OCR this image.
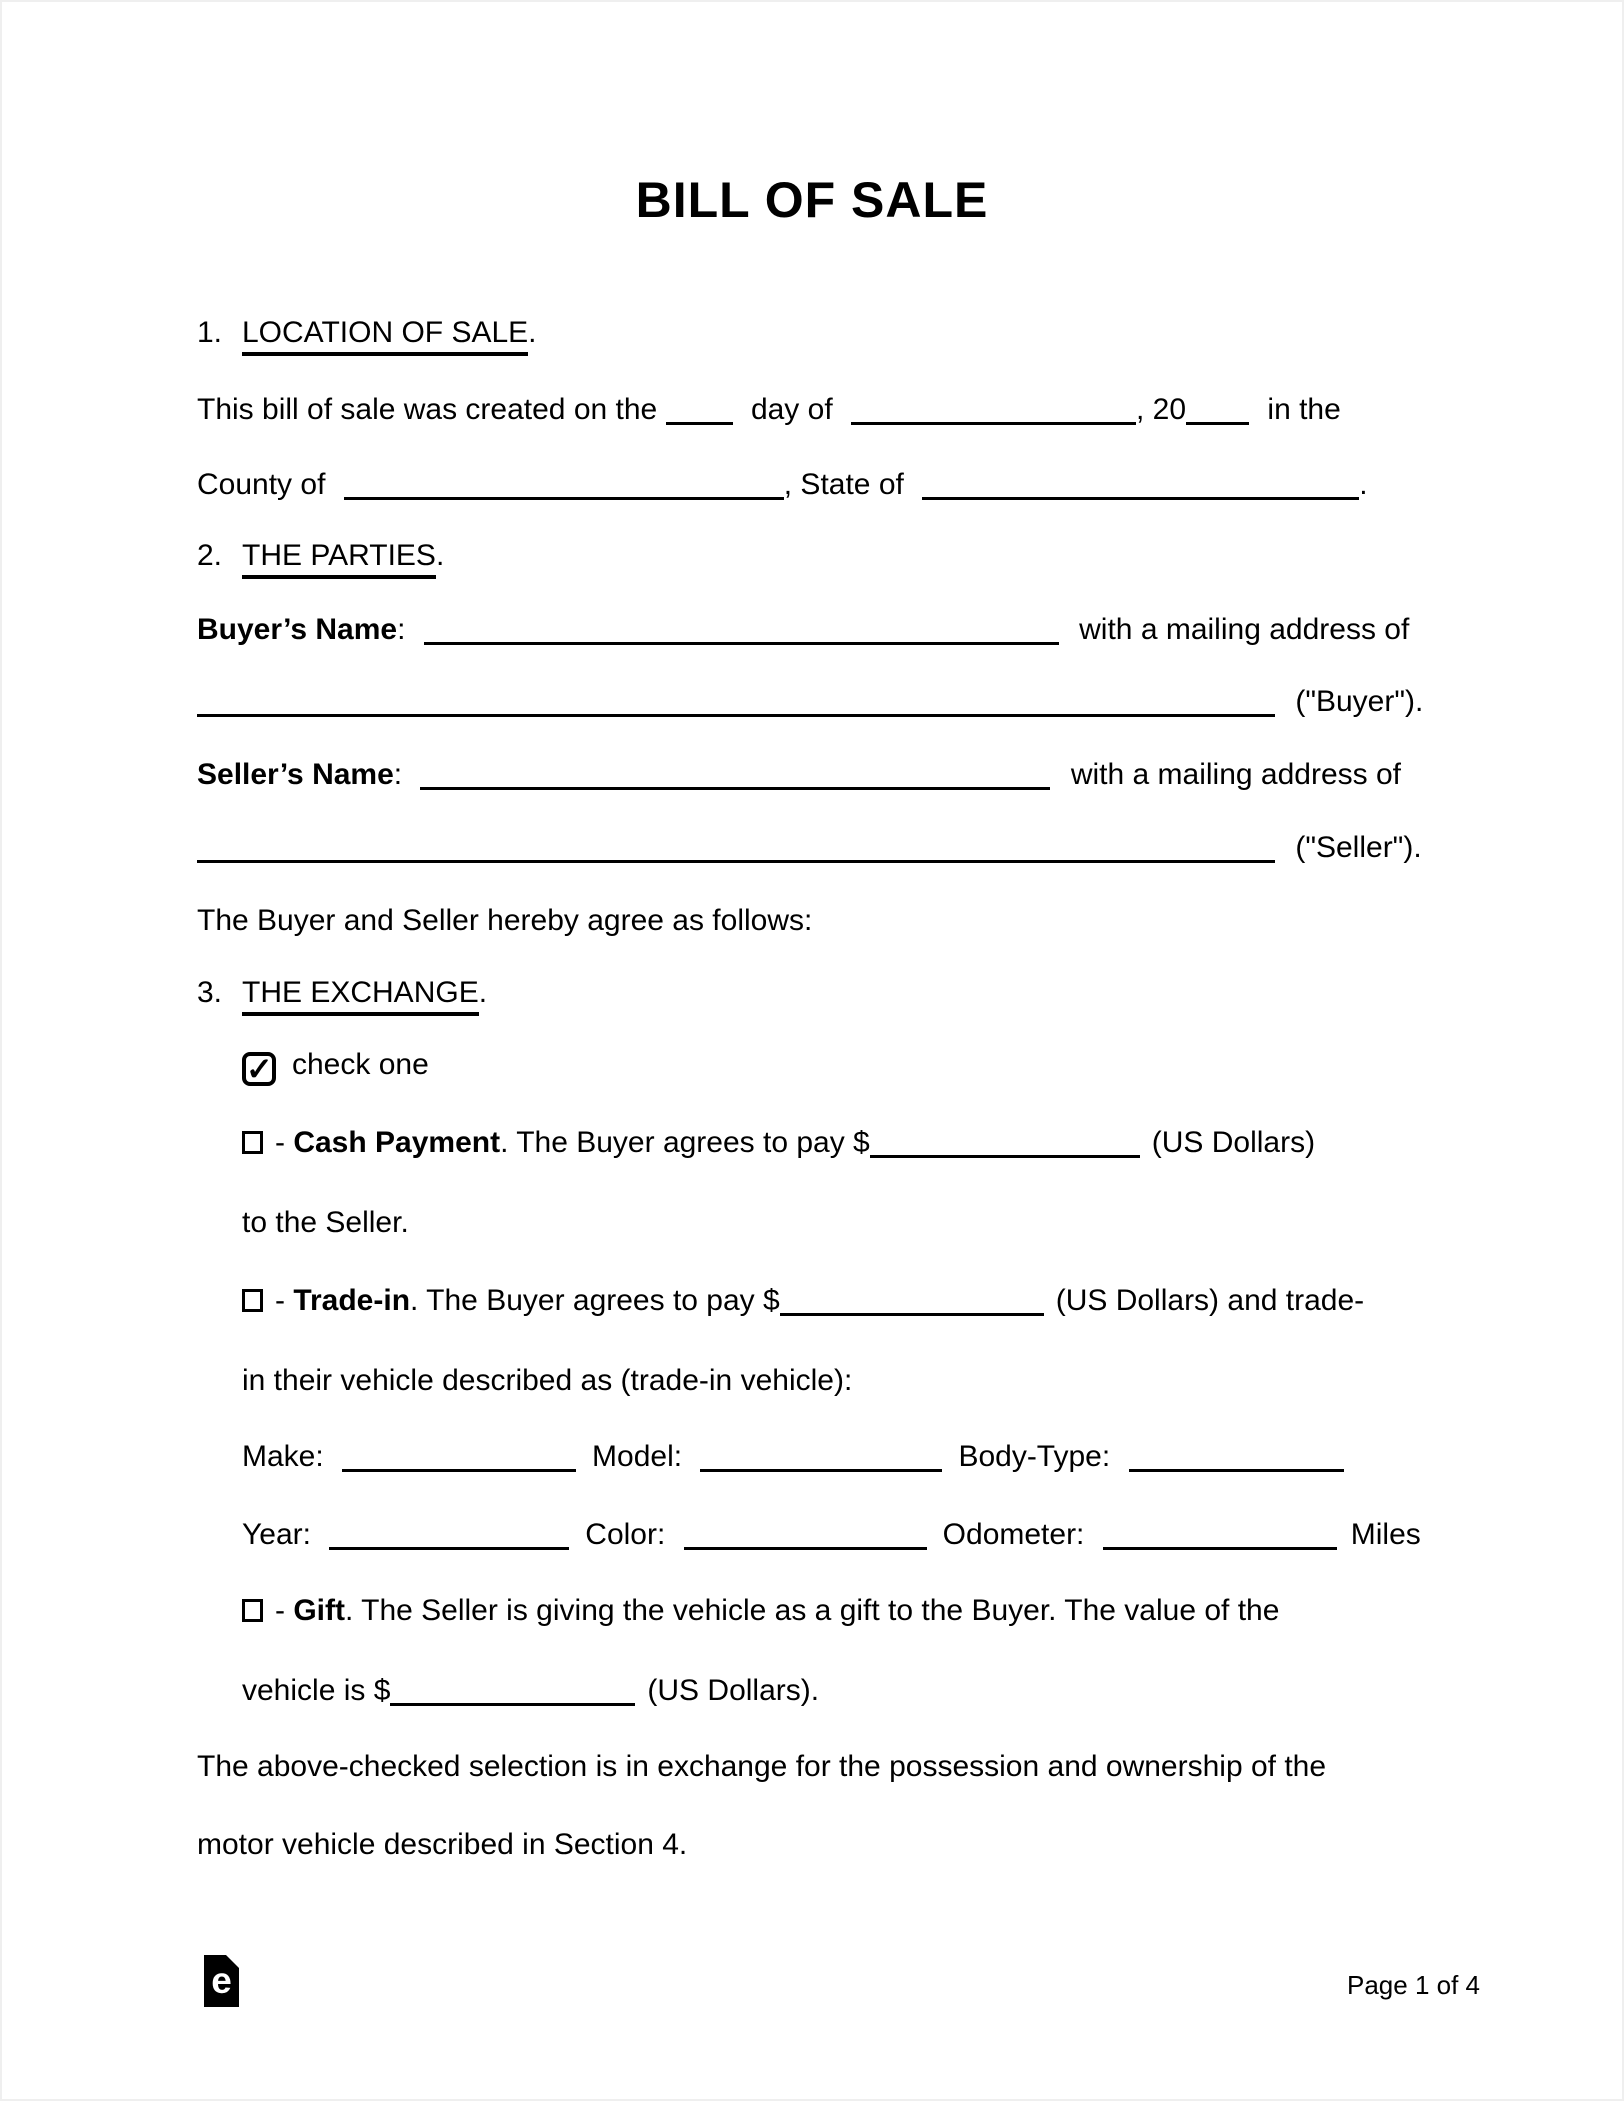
BILL OF SALE
1. LOCATION OF SALE.
This bill of sale was created on the	day of	, 20	in the
County of	, State of	.
2. THE PARTIES.
Buyer’s Name:	with a mailing address of
("Buyer").
Seller’s Name:	with a mailing address of
("Seller").
The Buyer and Seller hereby agree as follows:
3. THE EXCHANGE.
✓ check one
- Cash Payment. The Buyer agrees to pay $	(US Dollars)
to the Seller.
- Trade-in. The Buyer agrees to pay $	(US Dollars) and trade-
in their vehicle described as (trade-in vehicle):
Make:	Model:	Body-Type:
Year:	Color:	Odometer:	Miles
- Gift. The Seller is giving the vehicle as a gift to the Buyer. The value of the
vehicle is $	(US Dollars).
The above-checked selection is in exchange for the possession and ownership of the
motor vehicle described in Section 4.
e	Page 1 of 4
